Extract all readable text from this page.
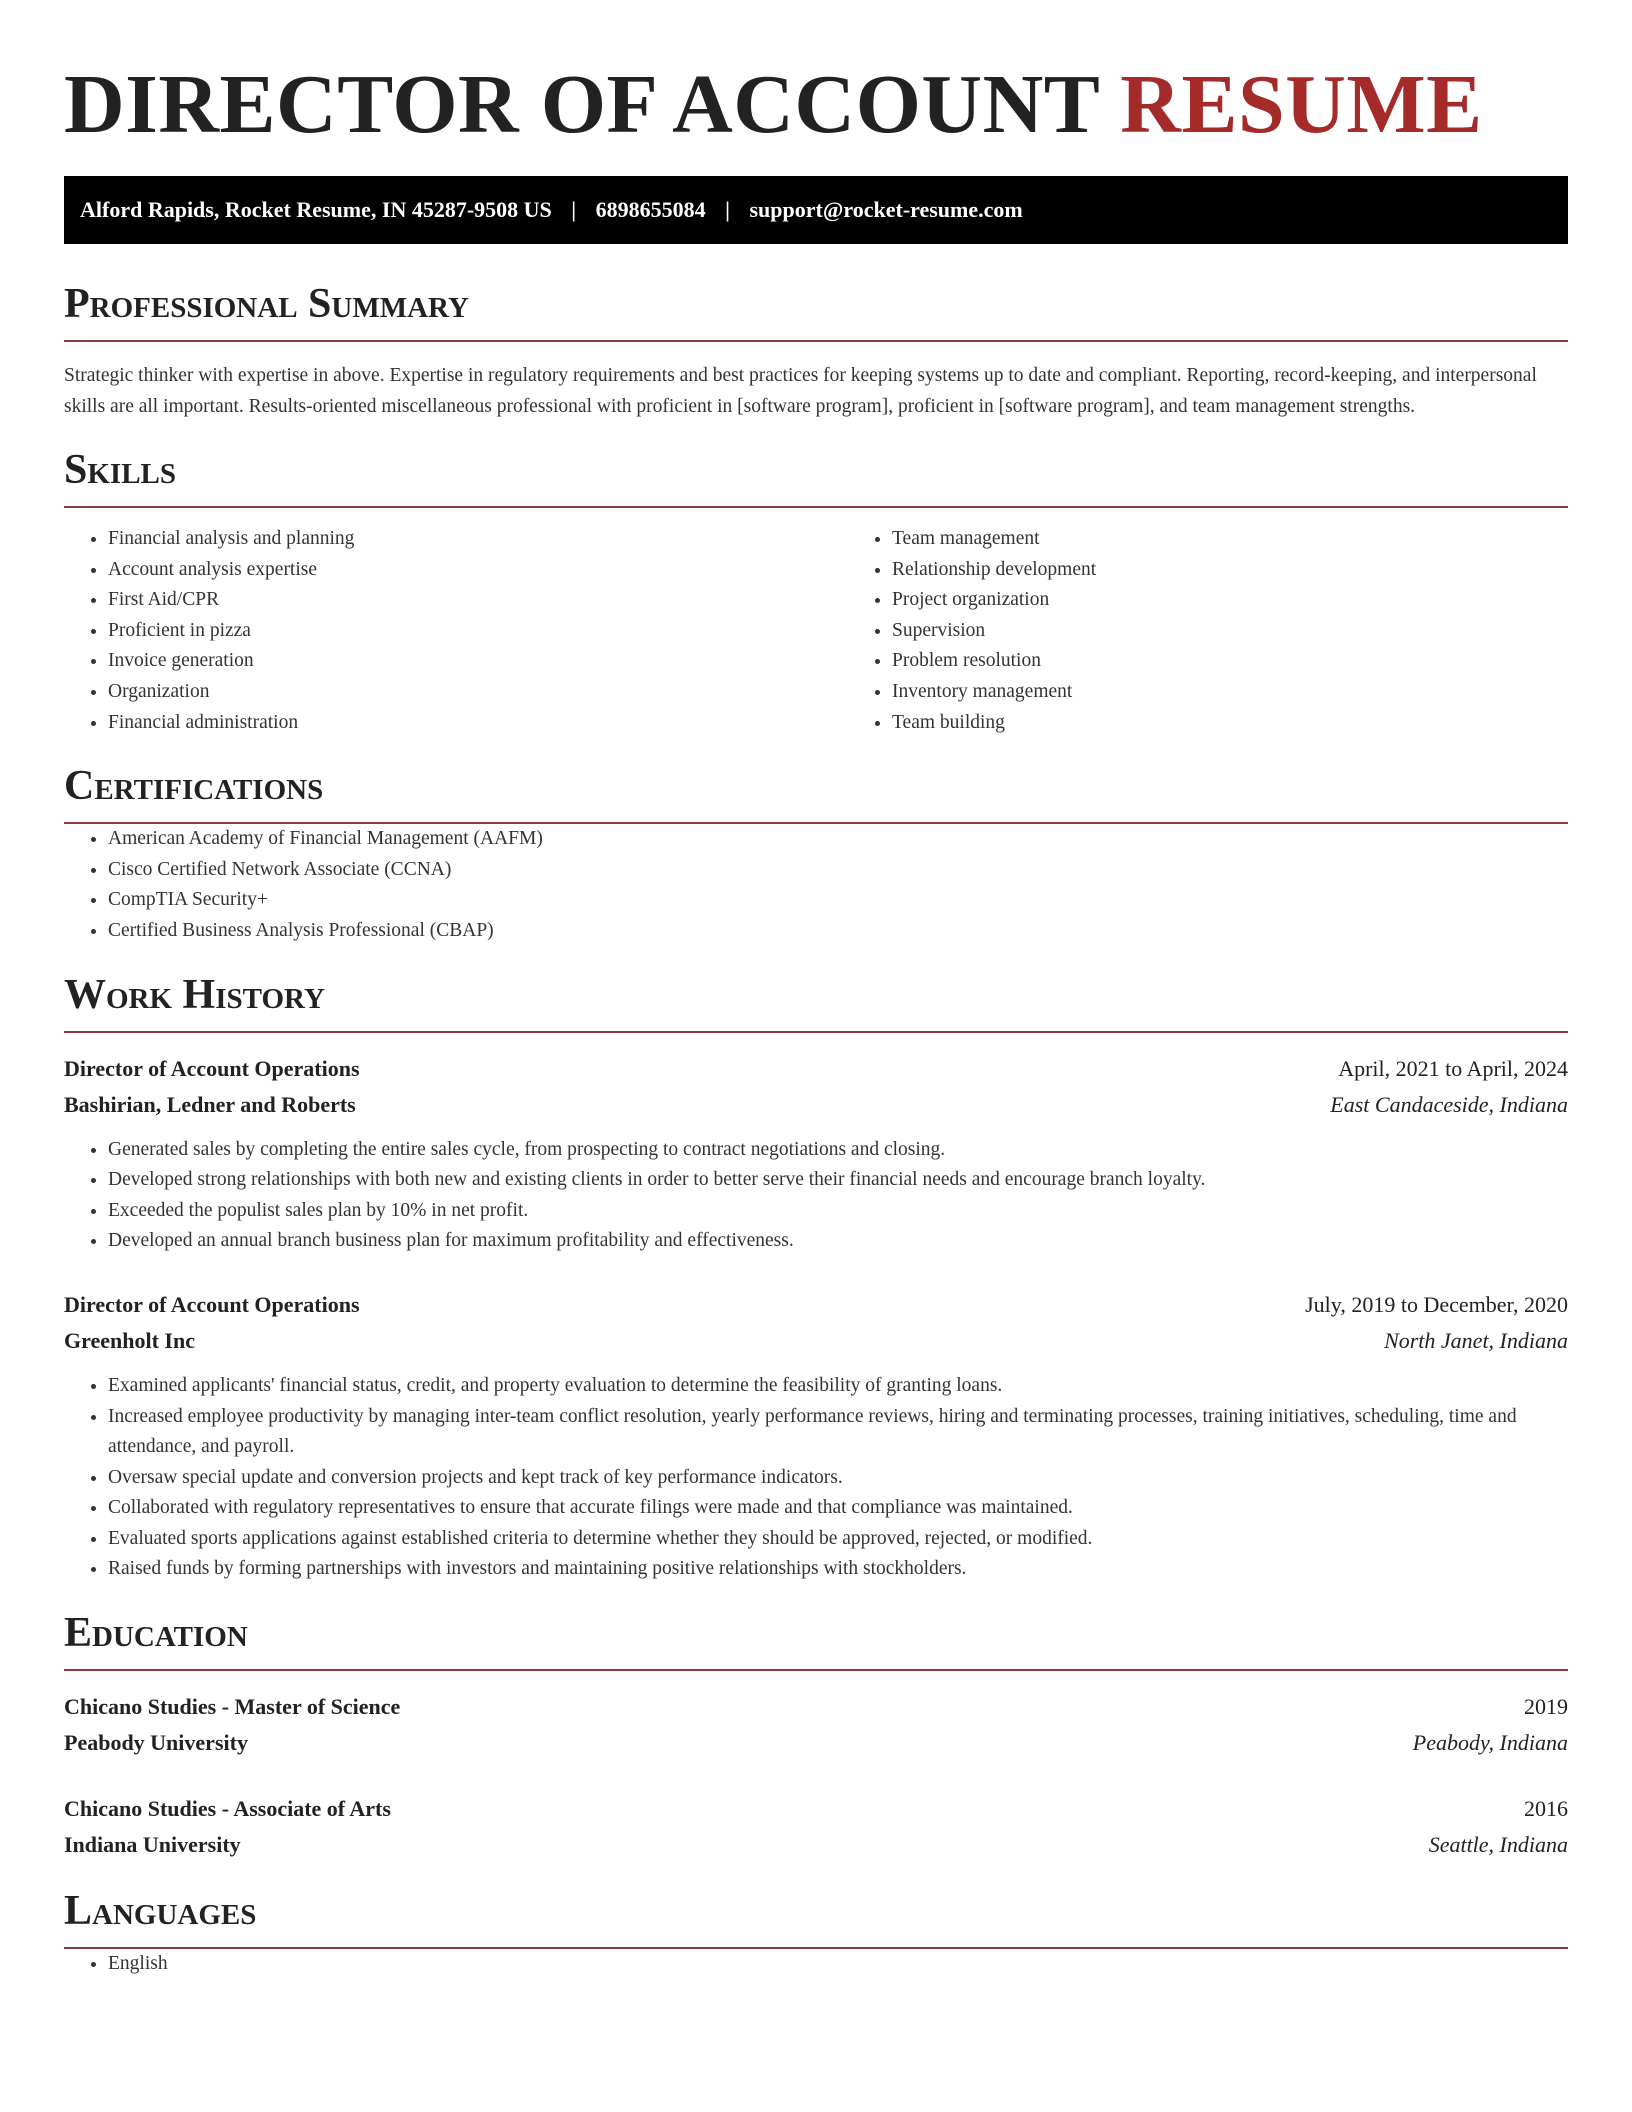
DIRECTOR OF ACCOUNT RESUME
Alford Rapids, Rocket Resume, IN 45287-9508 US | 6898655084 | support@rocket-resume.com
Professional Summary

Strategic thinker with expertise in above. Expertise in regulatory requirements and best practices for keeping systems up to date and compliant. Reporting, record-keeping, and interpersonal skills are all important. Results-oriented miscellaneous professional with proficient in [software program], proficient in [software program], and team management strengths.

Skills
• Financial analysis and planning
• Account analysis expertise
• First Aid/CPR
• Proficient in pizza
• Invoice generation
• Organization
• Financial administration
• Team management
• Relationship development
• Project organization
• Supervision
• Problem resolution
• Inventory management
• Team building
Certifications
• American Academy of Financial Management (AAFM)
• Cisco Certified Network Associate (CCNA)
• CompTIA Security+
• Certified Business Analysis Professional (CBAP)
Work History
Director of Account Operations	April, 2021 to April, 2024
Bashirian, Ledner and Roberts	East Candaceside, Indiana
• Generated sales by completing the entire sales cycle, from prospecting to contract negotiations and closing.
• Developed strong relationships with both new and existing clients in order to better serve their financial needs and encourage branch loyalty.
• Exceeded the populist sales plan by 10% in net profit.
• Developed an annual branch business plan for maximum profitability and effectiveness.
Director of Account Operations	July, 2019 to December, 2020
Greenholt Inc	North Janet, Indiana
• Examined applicants' financial status, credit, and property evaluation to determine the feasibility of granting loans.
• Increased employee productivity by managing inter-team conflict resolution, yearly performance reviews, hiring and terminating processes, training initiatives, scheduling, time and attendance, and payroll.
• Oversaw special update and conversion projects and kept track of key performance indicators.
• Collaborated with regulatory representatives to ensure that accurate filings were made and that compliance was maintained.
• Evaluated sports applications against established criteria to determine whether they should be approved, rejected, or modified.
• Raised funds by forming partnerships with investors and maintaining positive relationships with stockholders.
Education
Chicano Studies - Master of Science	2019
Peabody University	Peabody, Indiana
Chicano Studies - Associate of Arts	2016
Indiana University	Seattle, Indiana
Languages
• English
